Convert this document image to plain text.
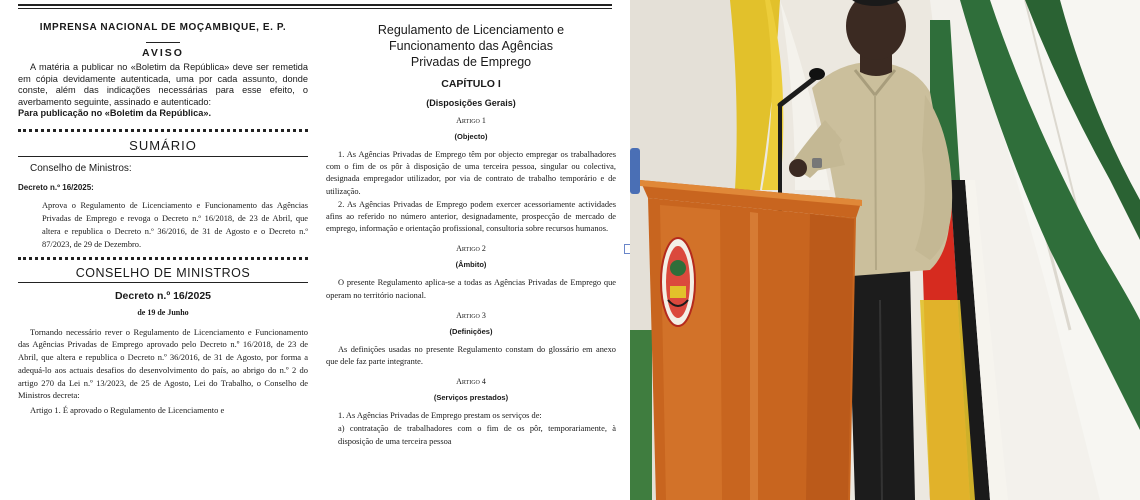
IMPRENSA NACIONAL DE MOÇAMBIQUE, E. P.

AVISO

A matéria a publicar no «Boletim da República» deve ser remetida em cópia devidamente autenticada, uma por cada assunto, donde conste, além das indicações necessárias para esse efeito, o averbamento seguinte, assinado e autenticado:

Para publicação no «Boletim da República».

SUMÁRIO

Conselho de Ministros:

Decreto n.º 16/2025:

Aprova o Regulamento de Licenciamento e Funcionamento das Agências Privadas de Emprego e revoga o Decreto n.º 16/2018, de 23 de Abril, que altera e republica o Decreto n.º 36/2016, de 31 de Agosto e o Decreto n.º 87/2023, de 29 de Dezembro.

CONSELHO DE MINISTROS

Decreto n.º 16/2025

de 19 de Junho

Tornando necessário rever o Regulamento de Licenciamento e Funcionamento das Agências Privadas de Emprego aprovado pelo Decreto n.º 16/2018, de 23 de Abril, que altera e republica o Decreto n.º 36/2016, de 31 de Agosto, por forma a adequá-lo aos actuais desafios do desenvolvimento do país, ao abrigo do n.º 2 do artigo 270 da Lei n.º 13/2023, de 25 de Agosto, Lei do Trabalho, o Conselho de Ministros decreta:

Artigo 1. É aprovado o Regulamento de Licenciamento e

Regulamento de Licenciamento e Funcionamento das Agências Privadas de Emprego

CAPÍTULO I

(Disposições Gerais)

Artigo 1

(Objecto)

1. As Agências Privadas de Emprego têm por objecto empregar os trabalhadores com o fim de os pôr à disposição de uma terceira pessoa, singular ou colectiva, designada empregador utilizador, por via de contrato de trabalho temporário e de utilização.

2. As Agências Privadas de Emprego podem exercer acessoriamente actividades afins ao referido no número anterior, designadamente, prospecção de mercado de emprego, informação e orientação profissional, consultoria sobre recursos humanos.

Artigo 2

(Âmbito)

O presente Regulamento aplica-se a todas as Agências Privadas de Emprego que operam no território nacional.

Artigo 3

(Definições)

As definições usadas no presente Regulamento constam do glossário em anexo que dele faz parte integrante.

Artigo 4

(Serviços prestados)

1. As Agências Privadas de Emprego prestam os serviços de:

a) contratação de trabalhadores com o fim de os pôr, temporariamente, à disposição de uma terceira pessoa
